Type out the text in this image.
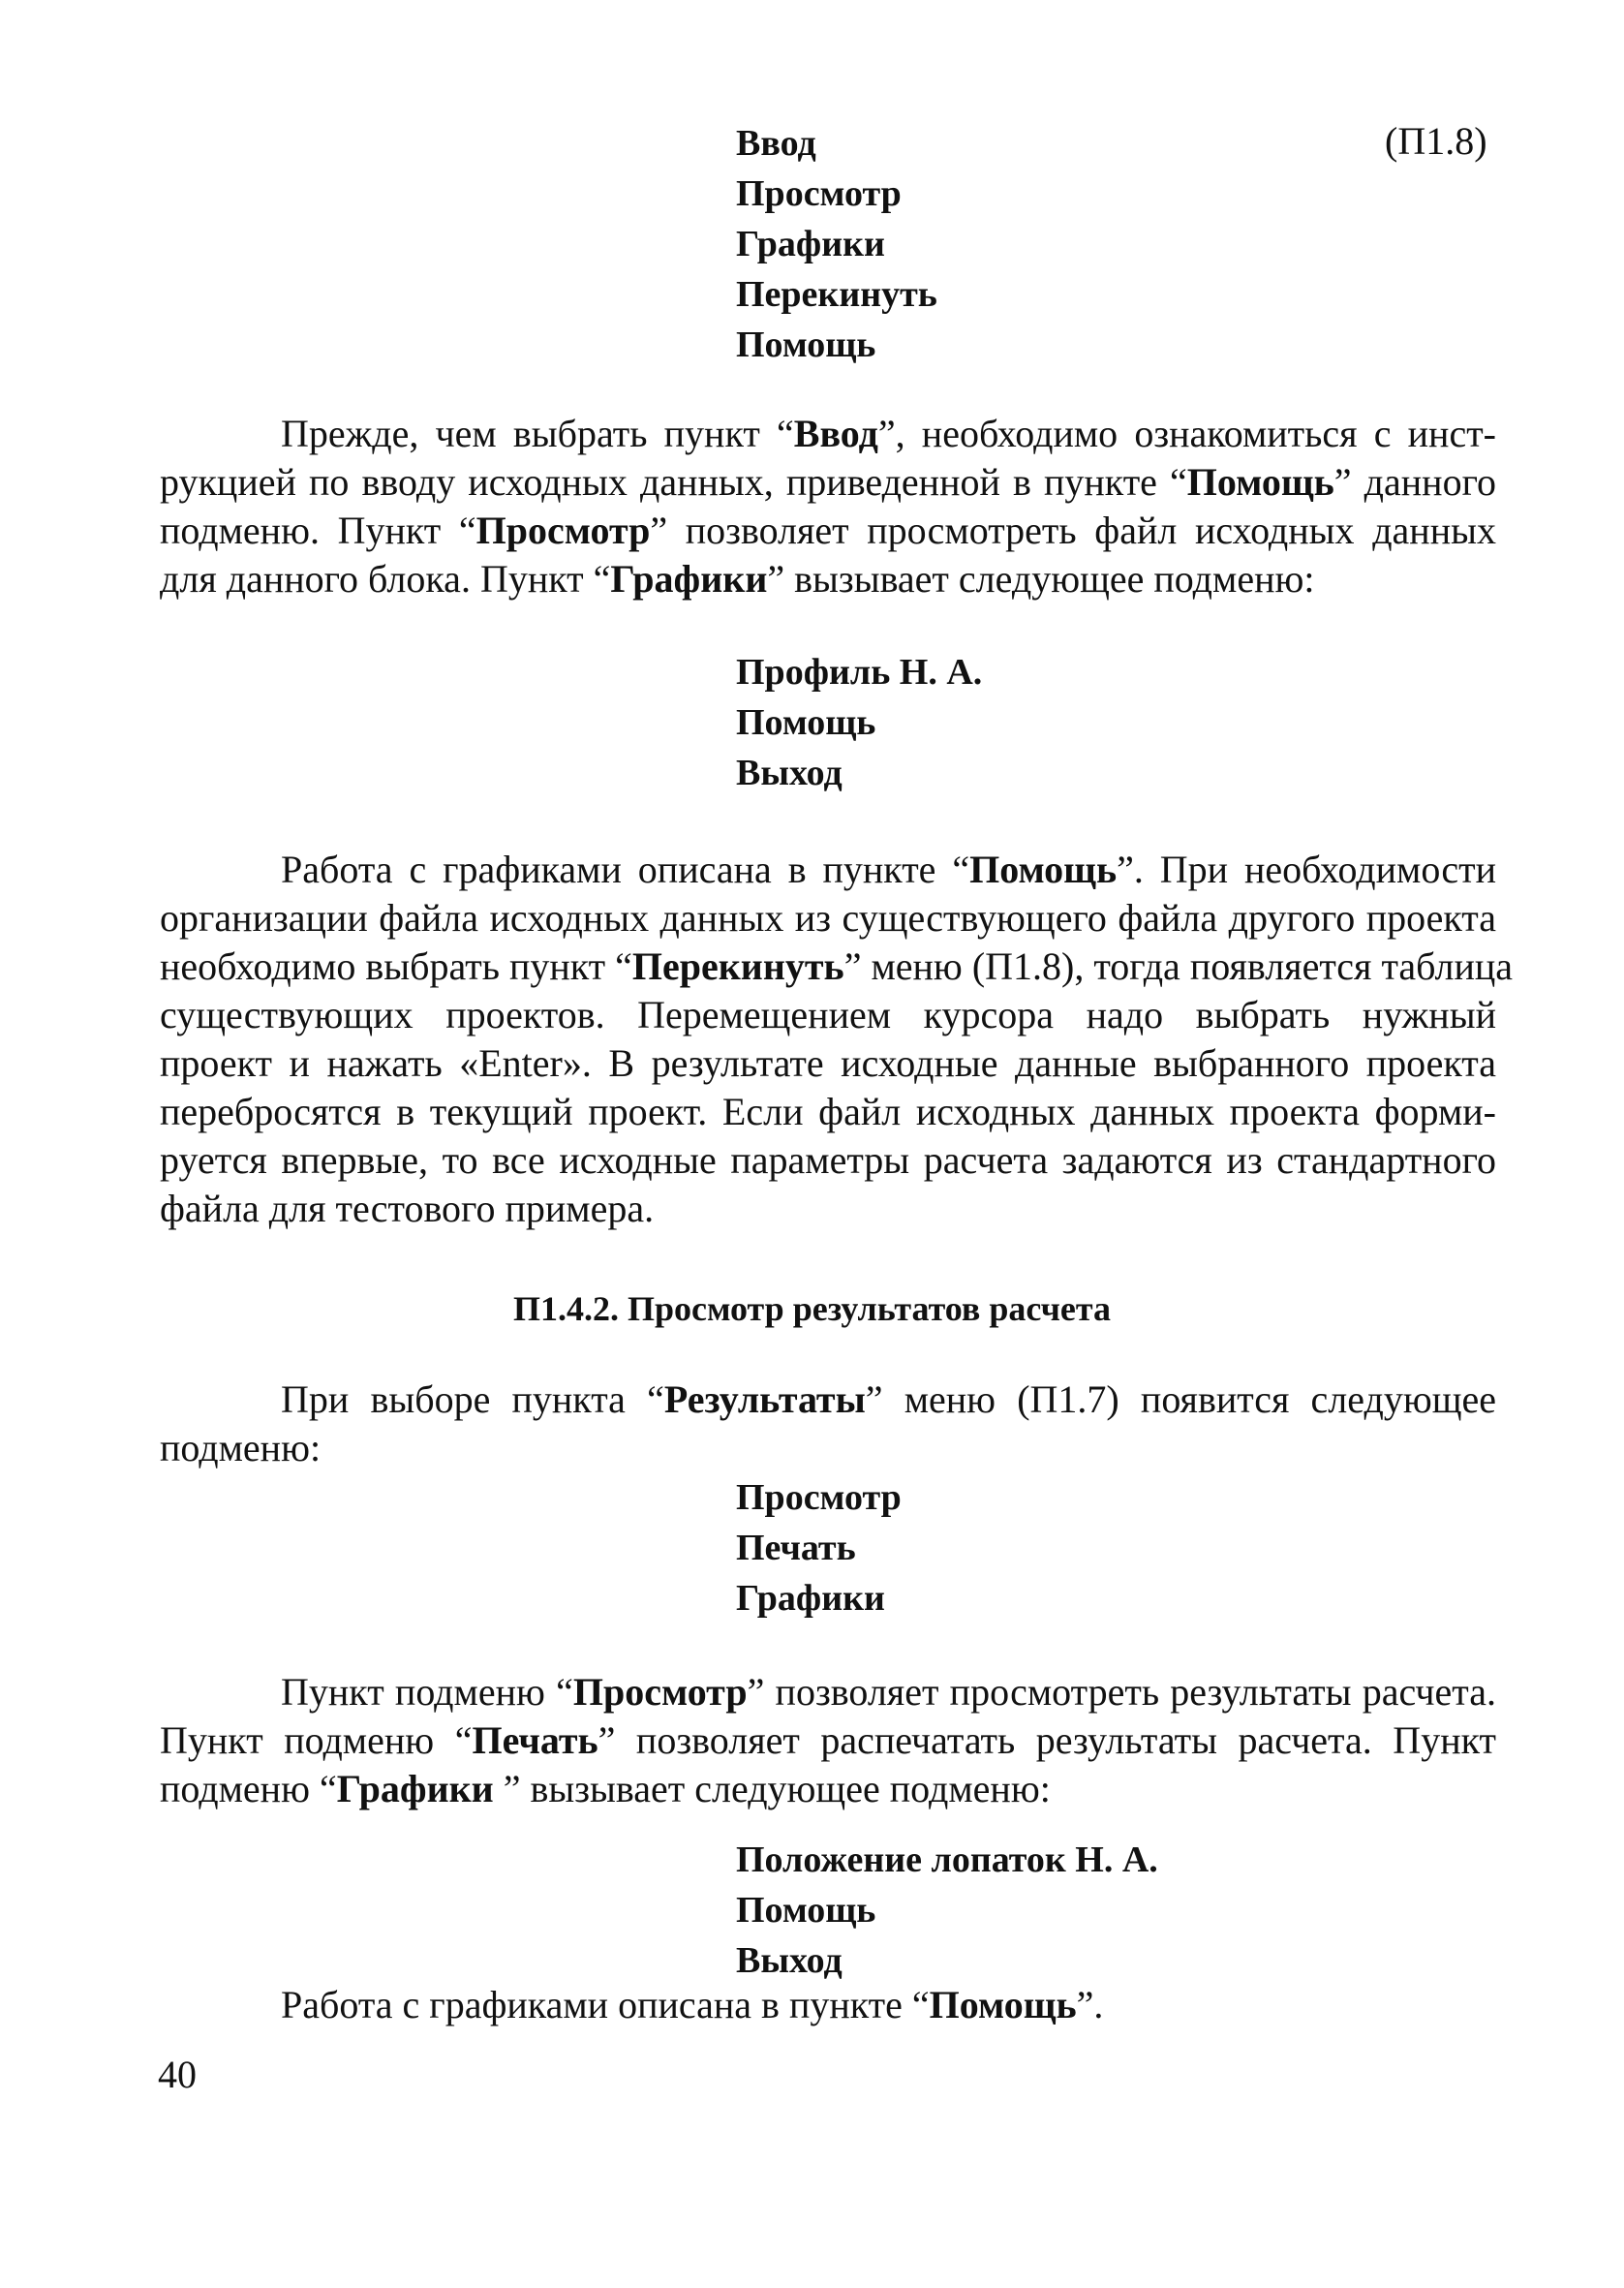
Ввод
Просмотр
Графики
Перекинуть
Помощь
(П1.8)
Прежде, чем выбрать пункт “Ввод”, необходимо ознакомиться с инст-
рукцией по вводу исходных данных, приведенной в пункте “Помощь” данного
подменю. Пункт “Просмотр” позволяет просмотреть файл исходных данных
для данного блока. Пункт “Графики” вызывает следующее подменю:
Профиль Н. А.
Помощь
Выход
Работа с графиками описана в пункте “Помощь”. При необходимости
организации файла исходных данных из существующего файла другого проекта
необходимо выбрать пункт “Перекинуть” меню (П1.8), тогда появляется таблица
существующих проектов. Перемещением курсора надо выбрать нужный
проект и нажать «Enter». В результате исходные данные выбранного проекта
перебросятся в текущий проект. Если файл исходных данных проекта форми-
руется впервые, то все исходные параметры расчета задаются из стандартного
файла для тестового примера.
П1.4.2. Просмотр результатов расчета
При выборе пункта “Результаты” меню (П1.7) появится следующее
подменю:
Просмотр
Печать
Графики
Пункт подменю “Просмотр” позволяет просмотреть результаты расчета.
Пункт подменю “Печать” позволяет распечатать результаты расчета. Пункт
подменю “Графики ” вызывает следующее подменю:
Положение лопаток Н. А.
Помощь
Выход
Работа с графиками описана в пункте “Помощь”.
40
